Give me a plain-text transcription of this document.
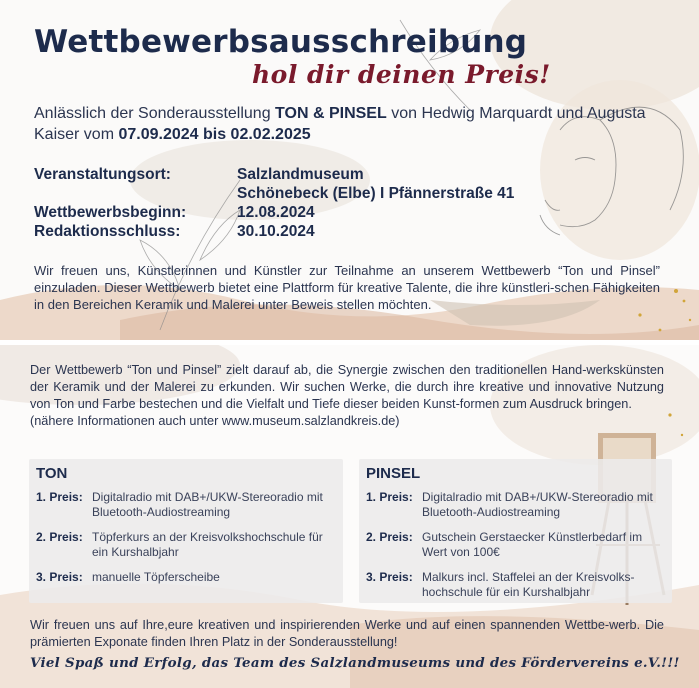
Wettbewerbsausschreibung
hol dir deinen Preis!
Anlässlich der Sonderausstellung TON & PINSEL von Hedwig Marquardt und Augusta Kaiser vom 07.09.2024 bis 02.02.2025
Veranstaltungsort:	Salzlandmuseum
Schönebeck (Elbe) I Pfännerstraße 41
Wettbewerbsbeginn:	12.08.2024
Redaktionsschluss:	30.10.2024
Wir freuen uns, Künstlerinnen und Künstler zur Teilnahme an unserem Wettbewerb “Ton und Pinsel” einzuladen. Dieser Wettbewerb bietet eine Plattform für kreative Talente, die ihre künstleri-schen Fähigkeiten in den Bereichen Keramik und Malerei unter Beweis stellen möchten.
Der Wettbewerb “Ton und Pinsel” zielt darauf ab, die Synergie zwischen den traditionellen Hand-werkskünsten der Keramik und der Malerei zu erkunden. Wir suchen Werke, die durch ihre kreative und innovative Nutzung von Ton und Farbe bestechen und die Vielfalt und Tiefe dieser beiden Kunst-formen zum Ausdruck bringen.
(nähere Informationen auch unter www.museum.salzlandkreis.de)
TON
1. Preis: Digitalradio mit DAB+/UKW-Stereoradio mit Bluetooth-Audiostreaming
2. Preis: Töpferkurs an der Kreisvolkshochschule für ein Kurshalbjahr
3. Preis: manuelle Töpferscheibe
PINSEL
1. Preis: Digitalradio mit DAB+/UKW-Stereoradio mit Bluetooth-Audiostreaming
2. Preis: Gutschein Gerstaecker Künstlerbedarf im Wert von 100€
3. Preis: Malkurs incl. Staffelei an der Kreisvolks-hochschule für ein Kurshalbjahr
Wir freuen uns auf Ihre,eure kreativen und inspirierenden Werke und auf einen spannenden Wettbe-werb. Die prämierten Exponate finden Ihren Platz in der Sonderausstellung!
Viel Spaß und Erfolg, das Team des Salzlandmuseums und des Fördervereins e.V.!!!
